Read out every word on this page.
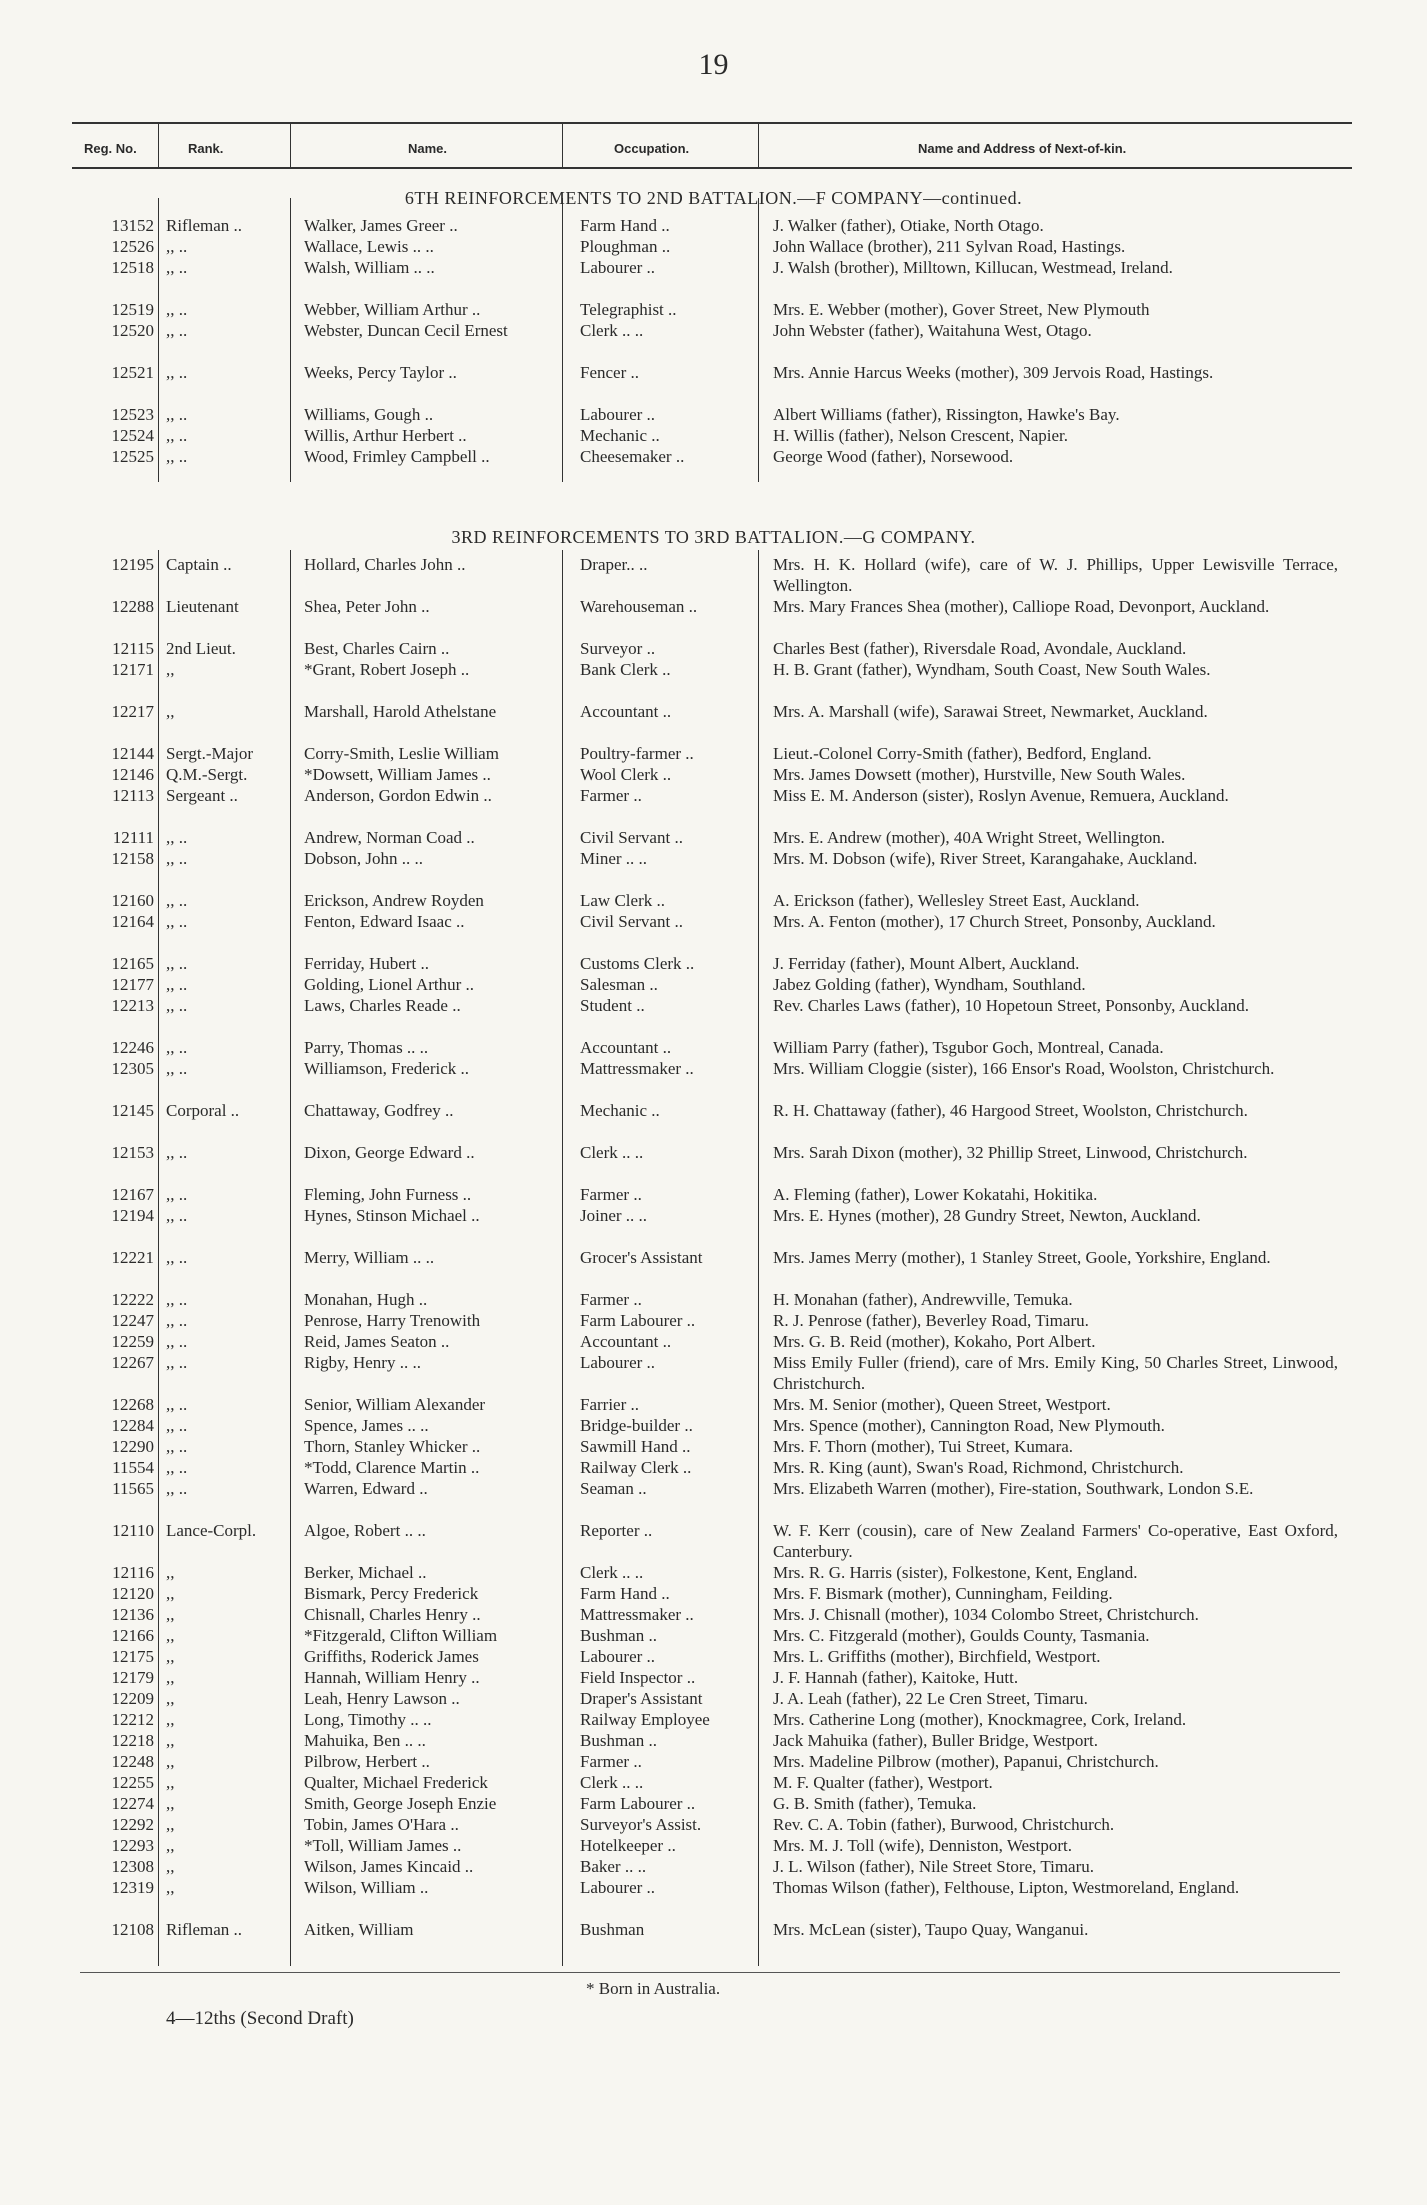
19
Reg. No.	Rank.	Name.	Occupation.	Name and Address of Next-of-kin.
6TH REINFORCEMENTS TO 2ND BATTALION.—F COMPANY—continued.
13152 Rifleman ..	Walker, James Greer ..	Farm Hand ..	J. Walker (father), Otiake, North Otago.
12526 ,, ..	Wallace, Lewis .. ..	Ploughman ..	John Wallace (brother), 211 Sylvan Road, Hastings.
12518 ,, ..	Walsh, William .. ..	Labourer ..	J. Walsh (brother), Milltown, Killucan, Westmead, Ireland.
12519 ,, ..	Webber, William Arthur ..	Telegraphist ..	Mrs. E. Webber (mother), Gover Street, New Plymouth
12520 ,, ..	Webster, Duncan Cecil Ernest	Clerk .. ..	John Webster (father), Waitahuna West, Otago.
12521 ,, ..	Weeks, Percy Taylor ..	Fencer ..	Mrs. Annie Harcus Weeks (mother), 309 Jervois Road, Hastings.
12523 ,, ..	Williams, Gough ..	Labourer ..	Albert Williams (father), Rissington, Hawke's Bay.
12524 ,, ..	Willis, Arthur Herbert ..	Mechanic ..	H. Willis (father), Nelson Crescent, Napier.
12525 ,, ..	Wood, Frimley Campbell ..	Cheesemaker ..	George Wood (father), Norsewood.
3RD REINFORCEMENTS TO 3RD BATTALION.—G COMPANY.
12195 Captain ..	Hollard, Charles John ..	Draper.. ..	Mrs. H. K. Hollard (wife), care of W. J. Phillips, Upper Lewisville Terrace, Wellington.
12288 Lieutenant	Shea, Peter John ..	Warehouseman ..	Mrs. Mary Frances Shea (mother), Calliope Road, Devonport, Auckland.
12115 2nd Lieut.	Best, Charles Cairn ..	Surveyor ..	Charles Best (father), Riversdale Road, Avondale, Auckland.
12171 ,,	*Grant, Robert Joseph ..	Bank Clerk ..	H. B. Grant (father), Wyndham, South Coast, New South Wales.
12217 ,,	Marshall, Harold Athelstane	Accountant ..	Mrs. A. Marshall (wife), Sarawai Street, Newmarket, Auckland.
12144 Sergt.-Major	Corry-Smith, Leslie William	Poultry-farmer ..	Lieut.-Colonel Corry-Smith (father), Bedford, England.
12146 Q.M.-Sergt.	*Dowsett, William James ..	Wool Clerk ..	Mrs. James Dowsett (mother), Hurstville, New South Wales.
12113 Sergeant ..	Anderson, Gordon Edwin ..	Farmer ..	Miss E. M. Anderson (sister), Roslyn Avenue, Remuera, Auckland.
12111 ,, ..	Andrew, Norman Coad ..	Civil Servant ..	Mrs. E. Andrew (mother), 40A Wright Street, Wellington.
12158 ,, ..	Dobson, John .. ..	Miner .. ..	Mrs. M. Dobson (wife), River Street, Karangahake, Auckland.
12160 ,, ..	Erickson, Andrew Royden	Law Clerk ..	A. Erickson (father), Wellesley Street East, Auckland.
12164 ,, ..	Fenton, Edward Isaac ..	Civil Servant ..	Mrs. A. Fenton (mother), 17 Church Street, Ponsonby, Auckland.
12165 ,, ..	Ferriday, Hubert ..	Customs Clerk ..	J. Ferriday (father), Mount Albert, Auckland.
12177 ,, ..	Golding, Lionel Arthur ..	Salesman ..	Jabez Golding (father), Wyndham, Southland.
12213 ,, ..	Laws, Charles Reade ..	Student ..	Rev. Charles Laws (father), 10 Hopetoun Street, Ponsonby, Auckland.
12246 ,, ..	Parry, Thomas .. ..	Accountant ..	William Parry (father), Tsgubor Goch, Montreal, Canada.
12305 ,, ..	Williamson, Frederick ..	Mattressmaker ..	Mrs. William Cloggie (sister), 166 Ensor's Road, Woolston, Christchurch.
12145 Corporal ..	Chattaway, Godfrey ..	Mechanic ..	R. H. Chattaway (father), 46 Hargood Street, Woolston, Christchurch.
12153 ,, ..	Dixon, George Edward ..	Clerk .. ..	Mrs. Sarah Dixon (mother), 32 Phillip Street, Linwood, Christchurch.
12167 ,, ..	Fleming, John Furness ..	Farmer ..	A. Fleming (father), Lower Kokatahi, Hokitika.
12194 ,, ..	Hynes, Stinson Michael ..	Joiner .. ..	Mrs. E. Hynes (mother), 28 Gundry Street, Newton, Auckland.
12221 ,, ..	Merry, William .. ..	Grocer's Assistant	Mrs. James Merry (mother), 1 Stanley Street, Goole, Yorkshire, England.
12222 ,, ..	Monahan, Hugh ..	Farmer ..	H. Monahan (father), Andrewville, Temuka.
12247 ,, ..	Penrose, Harry Trenowith	Farm Labourer ..	R. J. Penrose (father), Beverley Road, Timaru.
12259 ,, ..	Reid, James Seaton ..	Accountant ..	Mrs. G. B. Reid (mother), Kokaho, Port Albert.
12267 ,, ..	Rigby, Henry .. ..	Labourer ..	Miss Emily Fuller (friend), care of Mrs. Emily King, 50 Charles Street, Linwood, Christchurch.
12268 ,, ..	Senior, William Alexander	Farrier ..	Mrs. M. Senior (mother), Queen Street, Westport.
12284 ,, ..	Spence, James .. ..	Bridge-builder ..	Mrs. Spence (mother), Cannington Road, New Plymouth.
12290 ,, ..	Thorn, Stanley Whicker ..	Sawmill Hand ..	Mrs. F. Thorn (mother), Tui Street, Kumara.
11554 ,, ..	*Todd, Clarence Martin ..	Railway Clerk ..	Mrs. R. King (aunt), Swan's Road, Richmond, Christchurch.
11565 ,, ..	Warren, Edward ..	Seaman ..	Mrs. Elizabeth Warren (mother), Fire-station, Southwark, London S.E.
12110 Lance-Corpl.	Algoe, Robert .. ..	Reporter ..	W. F. Kerr (cousin), care of New Zealand Farmers' Co-operative, East Oxford, Canterbury.
12116 ,,	Berker, Michael ..	Clerk .. ..	Mrs. R. G. Harris (sister), Folkestone, Kent, England.
12120 ,,	Bismark, Percy Frederick	Farm Hand ..	Mrs. F. Bismark (mother), Cunningham, Feilding.
12136 ,,	Chisnall, Charles Henry ..	Mattressmaker ..	Mrs. J. Chisnall (mother), 1034 Colombo Street, Christchurch.
12166 ,,	*Fitzgerald, Clifton William	Bushman ..	Mrs. C. Fitzgerald (mother), Goulds County, Tasmania.
12175 ,,	Griffiths, Roderick James	Labourer ..	Mrs. L. Griffiths (mother), Birchfield, Westport.
12179 ,,	Hannah, William Henry ..	Field Inspector ..	J. F. Hannah (father), Kaitoke, Hutt.
12209 ,,	Leah, Henry Lawson ..	Draper's Assistant	J. A. Leah (father), 22 Le Cren Street, Timaru.
12212 ,,	Long, Timothy .. ..	Railway Employee	Mrs. Catherine Long (mother), Knockmagree, Cork, Ireland.
12218 ,,	Mahuika, Ben .. ..	Bushman ..	Jack Mahuika (father), Buller Bridge, Westport.
12248 ,,	Pilbrow, Herbert ..	Farmer ..	Mrs. Madeline Pilbrow (mother), Papanui, Christchurch.
12255 ,,	Qualter, Michael Frederick	Clerk .. ..	M. F. Qualter (father), Westport.
12274 ,,	Smith, George Joseph Enzie	Farm Labourer ..	G. B. Smith (father), Temuka.
12292 ,,	Tobin, James O'Hara ..	Surveyor's Assist.	Rev. C. A. Tobin (father), Burwood, Christchurch.
12293 ,,	*Toll, William James ..	Hotelkeeper ..	Mrs. M. J. Toll (wife), Denniston, Westport.
12308 ,,	Wilson, James Kincaid ..	Baker .. ..	J. L. Wilson (father), Nile Street Store, Timaru.
12319 ,,	Wilson, William ..	Labourer ..	Thomas Wilson (father), Felthouse, Lipton, Westmoreland, England.
12108 Rifleman ..	Aitken, William	Bushman	Mrs. McLean (sister), Taupo Quay, Wanganui.
* Born in Australia.
4—12ths (Second Draft)
